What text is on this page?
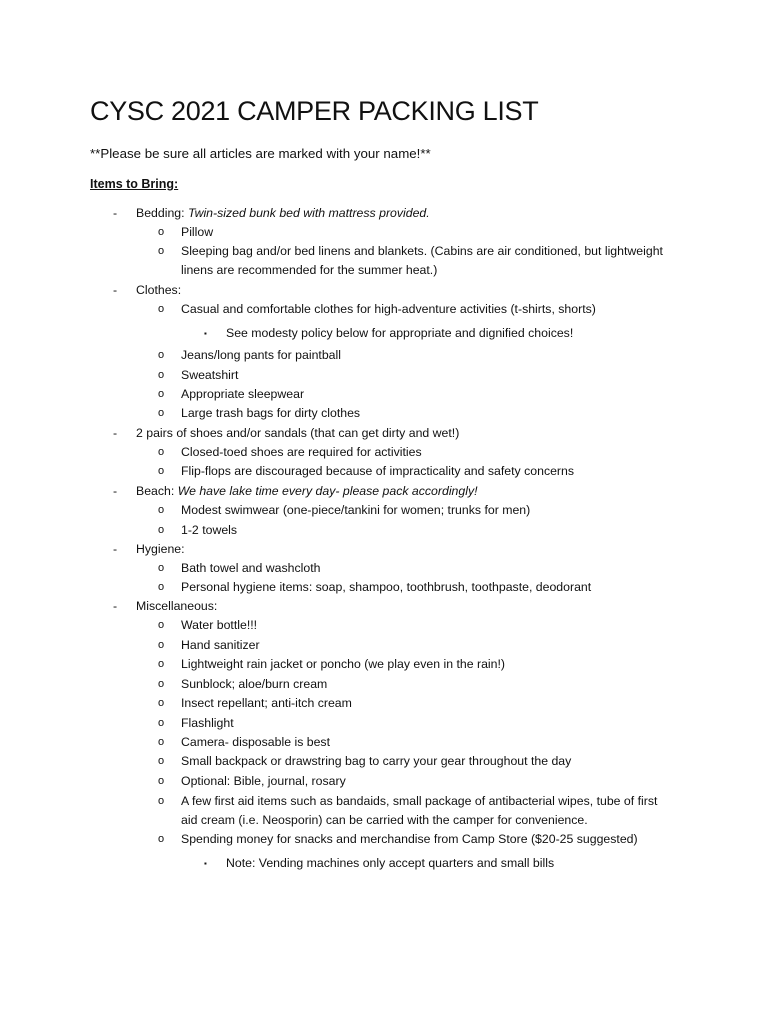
CYSC 2021 CAMPER PACKING LIST
**Please be sure all articles are marked with your name!**
Items to Bring:
- Bedding: Twin-sized bunk bed with mattress provided.
o Pillow
o Sleeping bag and/or bed linens and blankets. (Cabins are air conditioned, but lightweight
linens are recommended for the summer heat.)
- Clothes:
o Casual and comfortable clothes for high-adventure activities (t-shirts, shorts)
▪ See modesty policy below for appropriate and dignified choices!
o Jeans/long pants for paintball
o Sweatshirt
o Appropriate sleepwear
o Large trash bags for dirty clothes
- 2 pairs of shoes and/or sandals (that can get dirty and wet!)
o Closed-toed shoes are required for activities
o Flip-flops are discouraged because of impracticality and safety concerns
- Beach: We have lake time every day- please pack accordingly!
o Modest swimwear (one-piece/tankini for women; trunks for men)
o 1-2 towels
- Hygiene:
o Bath towel and washcloth
o Personal hygiene items: soap, shampoo, toothbrush, toothpaste, deodorant
- Miscellaneous:
o Water bottle!!!
o Hand sanitizer
o Lightweight rain jacket or poncho (we play even in the rain!)
o Sunblock; aloe/burn cream
o Insect repellant; anti-itch cream
o Flashlight
o Camera- disposable is best
o Small backpack or drawstring bag to carry your gear throughout the day
o Optional: Bible, journal, rosary
o A few first aid items such as bandaids, small package of antibacterial wipes, tube of first
aid cream (i.e. Neosporin) can be carried with the camper for convenience.
o Spending money for snacks and merchandise from Camp Store ($20-25 suggested)
▪ Note: Vending machines only accept quarters and small bills
